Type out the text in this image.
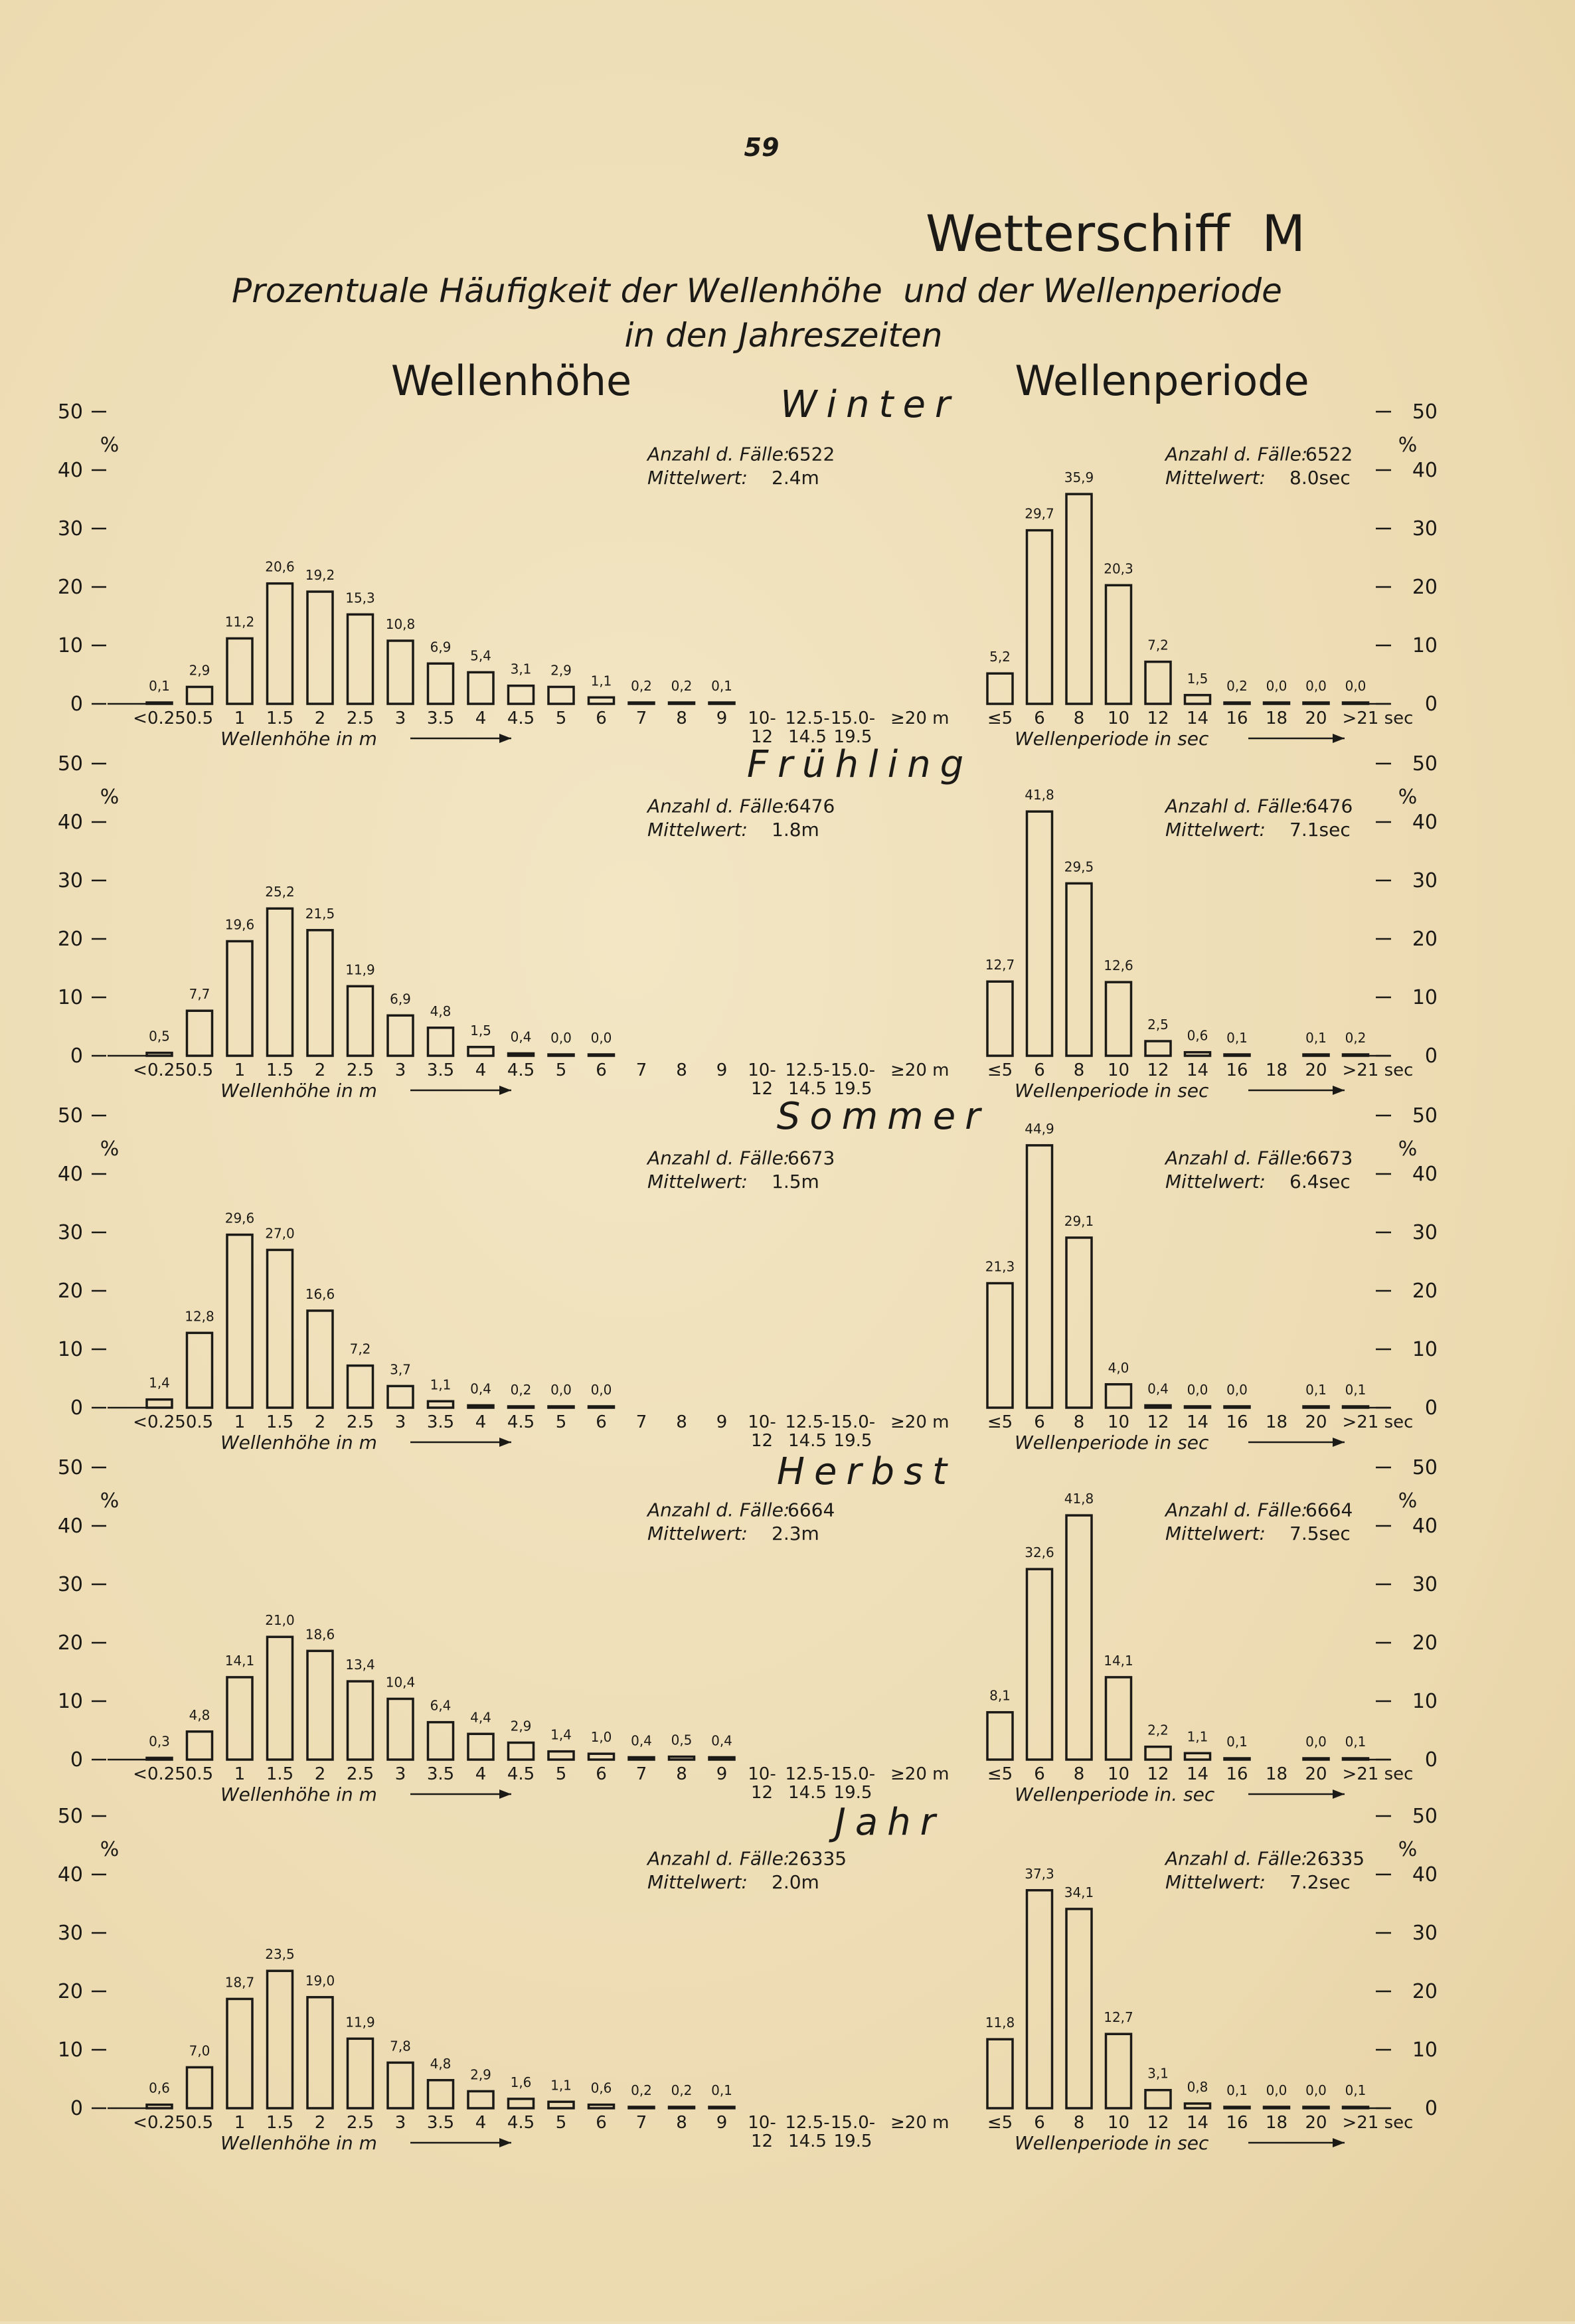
59
Wetterschiff  M
Prozentuale Häufigkeit der Wellenhöhe  und der Wellenperiode
in den Jahreszeiten
Wellenhöhe	Wellenperiode
Winter
50	50
40	40
30	30
20	20
10	10
0	0
%	%
Anzahl d. Fälle:
6522
Mittelwert: 2.4m
Anzahl d. Fälle:
6522
Mittelwert: 8.0sec
0,1
2,9
11,2
20,6
19,2
15,3
10,8
6,9
5,4
3,1 2,9
1,1 0,2 0,2 0,1
<0.25 0.5 1 1.5 2 2.5 3 3.5 4 4.5 5 6 7 8 9 10-
12
12.5-
14.5
15.0-
19.5
≥20 m
Wellenhöhe in m
5,2
29,7
35,9
20,3
7,2
1,5 0,2 0,0 0,0 0,0
≤5 6 8 10 12 14 16 18 20 >21 sec
Wellenperiode in sec
Frühling
50	50
40	40
30	30
20	20
10	10
0	0
%	%
Anzahl d. Fälle:
6476
Mittelwert: 1.8m
Anzahl d. Fälle:
6476
Mittelwert: 7.1sec
0,5
7,7
19,6
25,2
21,5
11,9
6,9
4,8
1,5 0,4 0,0 0,0
<0.25 0.5 1 1.5 2 2.5 3 3.5 4 4.5 5 6 7 8 9 10-
12
12.5-
14.5
15.0-
19.5
≥20 m
Wellenhöhe in m
12,7
41,8
29,5
12,6
2,5
0,6 0,1	0,1 0,2
≤5 6 8 10 12 14 16 18 20 >21 sec
Wellenperiode in sec
Sommer
50	50
40	40
30	30
20	20
10	10
0	0
%	%
Anzahl d. Fälle:
6673
Mittelwert: 1.5m
Anzahl d. Fälle:
6673
Mittelwert: 6.4sec
1,4
12,8
29,6
27,0
16,6
7,2
3,7
1,1 0,4 0,2 0,0 0,0
<0.25 0.5 1 1.5 2 2.5 3 3.5 4 4.5 5 6 7 8 9 10-
12
12.5-
14.5
15.0-
19.5
≥20 m
Wellenhöhe in m
21,3
44,9
29,1
4,0
0,4 0,0 0,0	0,1 0,1
≤5 6 8 10 12 14 16 18 20 >21 sec
Wellenperiode in sec
Herbst
50	50
40	40
30	30
20	20
10	10
0	0
%	%
Anzahl d. Fälle:
6664
Mittelwert: 2.3m
Anzahl d. Fälle:
6664
Mittelwert: 7.5sec
0,3
4,8
14,1
21,0
18,6
13,4
10,4
6,4
4,4
2,9
1,4 1,0 0,4 0,5 0,4
<0.25 0.5 1 1.5 2 2.5 3 3.5 4 4.5 5 6 7 8 9 10-
12
12.5-
14.5
15.0-
19.5
≥20 m
Wellenhöhe in m
8,1
32,6
41,8
14,1
2,2 1,1 0,1	0,0 0,1
≤5 6 8 10 12 14 16 18 20 >21 sec
Wellenperiode in. sec
Jahr
50	50
40	40
30	30
20	20
10	10
0	0
%	%
Anzahl d. Fälle:
26335
Mittelwert: 2.0m
Anzahl d. Fälle:
26335
Mittelwert: 7.2sec
0,6
7,0
18,7
23,5
19,0
11,9
7,8
4,8
2,9 1,6 1,1 0,6 0,2 0,2 0,1
<0.25 0.5 1 1.5 2 2.5 3 3.5 4 4.5 5 6 7 8 9 10-
12
12.5-
14.5
15.0-
19.5
≥20 m
Wellenhöhe in m
11,8
37,3
34,1
12,7
3,1
0,8 0,1 0,0 0,0 0,1
≤5 6 8 10 12 14 16 18 20 >21 sec
Wellenperiode in sec
